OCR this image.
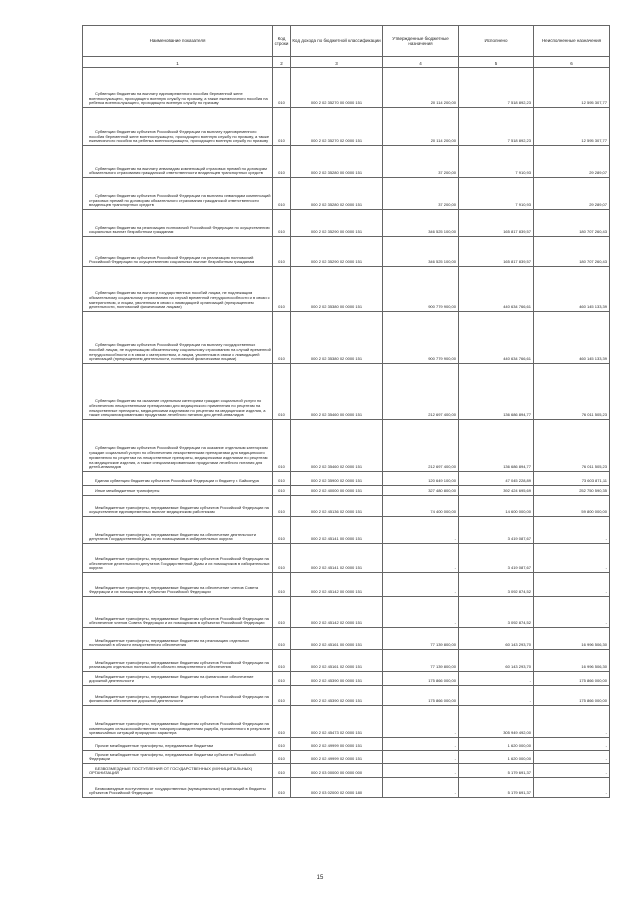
Наименование показателя	Код строки	Код дохода по бюджетной классификации	Утвержденные бюджетные назначения	Исполнено	Неисполненные назначения
1	2	3	4	5	6

Субвенции бюджетам на выплату единовременного пособия беременной жене военнослужащего, проходящего военную службу по призыву, а также ежемесячного пособия на ребенка военнослужащего, проходящего военную службу по призыву	010	000 2 02 35270 00 0000 151	20 114 200,00	7 518 892,23	12 595 307,77

Субвенции бюджетам субъектов Российской Федерации на выплату единовременного пособия беременной жене военнослужащего, проходящего военную службу по призыву, а также ежемесячного пособия на ребенка военнослужащего, проходящего военную службу по призыву	010	000 2 02 35270 02 0000 151	20 114 200,00	7 518 892,23	12 595 307,77

Субвенции бюджетам на выплату инвалидам компенсаций страховых премий по договорам обязательного страхования гражданской ответственности владельцев транспортных средств	010	000 2 02 35280 00 0000 151	37 200,00	7 910,93	29 289,07

Субвенции бюджетам субъектов Российской Федерации на выплаты инвалидам компенсаций страховых премий по договорам обязательного страхования гражданской ответственности владельцев транспортных средств	010	000 2 02 35280 02 0000 151	37 200,00	7 910,93	29 289,07

Субвенции бюджетам на реализацию полномочий Российской Федерации по осуществлению социальных выплат безработным гражданам	010	000 2 02 35290 00 0000 151	346 525 100,00	165 817 839,57	180 707 260,43

Субвенции бюджетам субъектов Российской Федерации на реализацию полномочий Российской Федерации по осуществлению социальных выплат безработным гражданам	010	000 2 02 35290 02 0000 151	346 525 100,00	165 817 839,57	180 707 260,43

Субвенции бюджетам на выплату государственных пособий лицам, не подлежащим обязательному социальному страхованию на случай временной нетрудоспособности и в связи с материнством, и лицам, уволенным в связи с ликвидацией организаций (прекращением деятельности, полномочий физическими лицами)	010	000 2 02 35380 00 0000 151	900 779 900,00	440 634 766,61	460 145 133,39

Субвенции бюджетам субъектов Российской Федерации на выплату государственных пособий лицам, не подлежащим обязательному социальному страхованию на случай временной нетрудоспособности и в связи с материнством, и лицам, уволенным в связи с ликвидацией организаций (прекращением деятельности, полномочий физическими лицами)	010	000 2 02 35380 02 0000 151	900 779 900,00	440 634 766,61	460 145 133,39

Субвенции бюджетам на оказание отдельным категориям граждан социальной услуги по обеспечению лекарственными препаратами для медицинского применения по рецептам на лекарственные препараты, медицинскими изделиями по рецептам на медицинские изделия, а также специализированными продуктами лечебного питания для детей-инвалидов	010	000 2 02 35460 00 0000 151	212 697 400,00	136 686 894,77	76 011 505,23

Субвенции бюджетам субъектов Российской Федерации на оказание отдельным категориям граждан социальной услуги по обеспечению лекарственными препаратами для медицинского применения по рецептам на лекарственные препараты, медицинскими изделиями по рецептам на медицинские изделия, а также специализированными продуктами лечебного питания для детей-инвалидов	010	000 2 02 35460 02 0000 151	212 697 400,00	136 686 894,77	76 011 505,23

Единая субвенция бюджетам субъектов Российской Федерации и бюджету г. Байконура	010	000 2 02 35900 02 0000 151	120 649 100,00	47 045 228,89	73 603 871,11

Иные межбюджетные трансферты	010	000 2 02 40000 00 0000 151	327 480 800,00	392 424 695,69	252 750 590,35

Межбюджетные трансферты, передаваемые бюджетам субъектов Российской Федерации на осуществление единовременных выплат медицинским работникам	010	000 2 02 45136 02 0000 151	74 400 000,00	14 600 000,00	59 800 000,00

Межбюджетные трансферты, передаваемые бюджетам на обеспечение деятельности депутатов Государственной Думы и их помощников в избирательных округах	010	000 2 02 45141 00 0000 151	-	3 419 087,67	-

Межбюджетные трансферты, передаваемые бюджетам субъектов Российской Федерации на обеспечение деятельности депутатов Государственной Думы и их помощников в избирательных округах	010	000 2 02 45141 02 0000 151	-	3 419 087,67	-

Межбюджетные трансферты, передаваемые бюджетам на обеспечение членов Совета Федерации и их помощников в субъектах Российской Федерации	010	000 2 02 45142 00 0000 151	-	3 092 874,52	-

Межбюджетные трансферты, передаваемые бюджетам субъектов Российской Федерации на обеспечение членов Совета Федерации и их помощников в субъектах Российской Федерации	010	000 2 02 45142 02 0000 151	-	3 092 874,52	-

Межбюджетные трансферты, передаваемые бюджетам на реализацию отдельных полномочий в области лекарственного обеспечения	010	000 2 02 45161 00 0000 151	77 139 800,00	60 143 293,70	16 996 506,30

Межбюджетные трансферты, передаваемые бюджетам субъектов Российской Федерации на реализацию отдельных полномочий в области лекарственного обеспечения	010	000 2 02 45161 02 0000 151	77 139 800,00	60 143 293,70	16 996 506,30

Межбюджетные трансферты, передаваемые бюджетам на финансовое обеспечение дорожной деятельности	010	000 2 02 45390 00 0000 151	175 866 000,00	-	175 866 000,00

Межбюджетные трансферты, передаваемые бюджетам субъектов Российской Федерации на финансовое обеспечение дорожной деятельности	010	000 2 02 45390 02 0000 151	175 866 000,00	-	175 866 000,00

Межбюджетные трансферты, передаваемые бюджетам субъектов Российской Федерации на компенсацию сельскохозяйственным товаропроизводителям ущерба, причиненного в результате чрезвычайных ситуаций природного характера	010	000 2 02 45473 02 0000 151	-	305 949 492,00	-

Прочие межбюджетные трансферты, передаваемые бюджетам	010	000 2 02 49999 00 0000 151	-	1 620 000,00	-

Прочие межбюджетные трансферты, передаваемые бюджетам субъектов Российской Федерации	010	000 2 02 49999 02 0000 151	-	1 620 000,00	-

БЕЗВОЗМЕЗДНЫЕ ПОСТУПЛЕНИЯ ОТ ГОСУДАРСТВЕННЫХ (МУНИЦИПАЛЬНЫХ) ОРГАНИЗАЦИЙ	010	000 2 03 00000 00 0000 000	-	5 179 691,37	-

Безвозмездные поступления от государственных (муниципальных) организаций в бюджеты субъектов Российской Федерации	010	000 2 03 02000 02 0000 180	-	5 179 691,37	-
15
